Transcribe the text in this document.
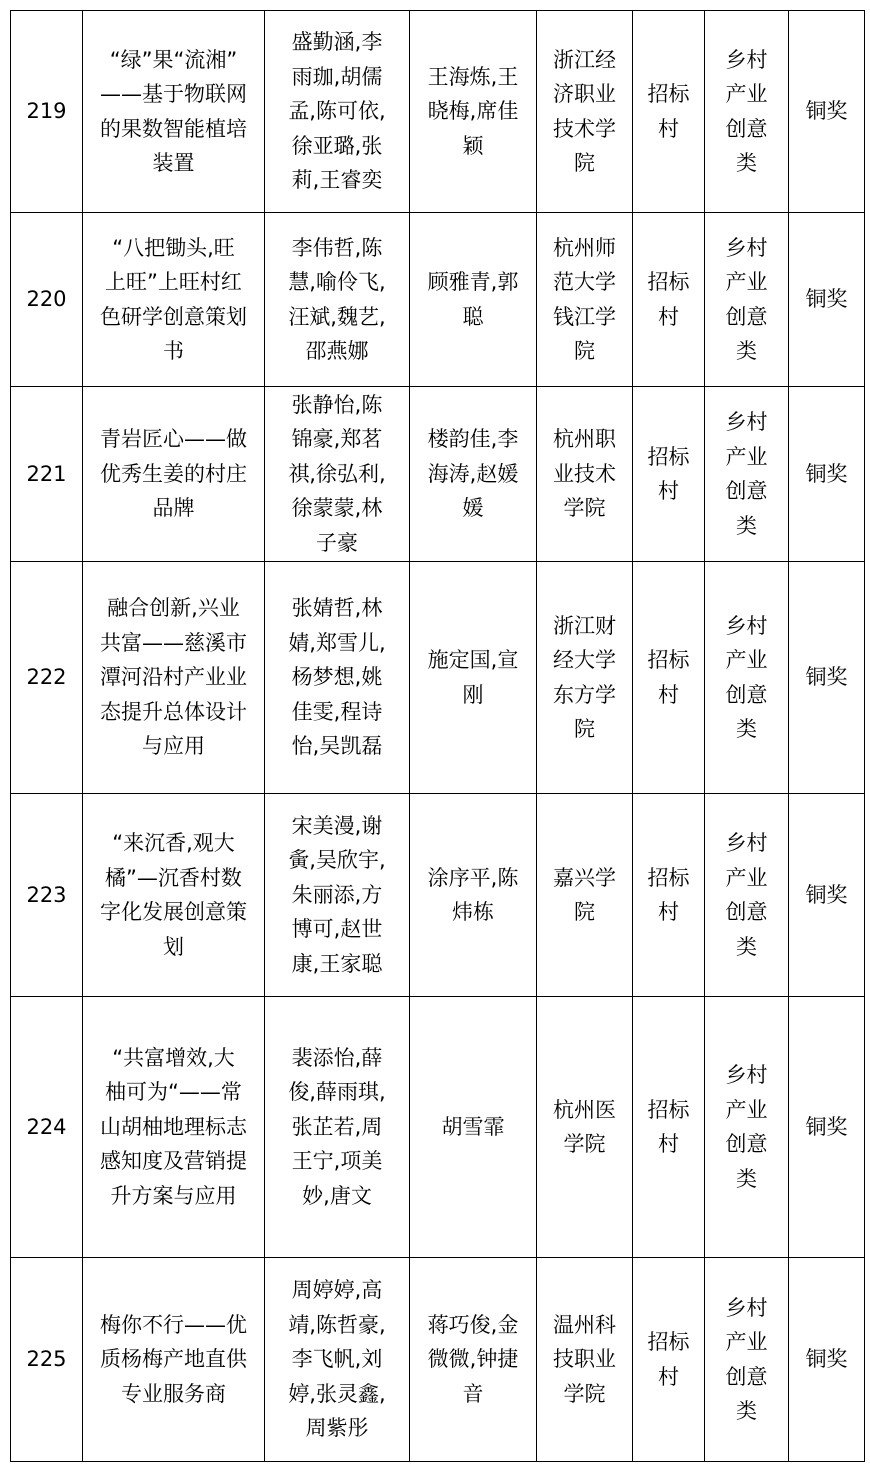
219	“绿”果“流湘”
——基于物联网
的果数智能植培
装置	盛勤涵,李
雨珈,胡儒
孟,陈可依,
徐亚璐,张
莉,王睿奕	王海炼,王
晓梅,席佳
颖	浙江经
济职业
技术学
院	招标
村	乡村
产业
创意
类	铜奖
220	“八把锄头,旺
上旺”上旺村红
色研学创意策划
书	李伟哲,陈
慧,喻伶飞,
汪斌,魏艺,
邵燕娜	顾雅青,郭
聪	杭州师
范大学
钱江学
院	招标
村	乡村
产业
创意
类	铜奖
221	青岩匠心——做
优秀生姜的村庄
品牌	张静怡,陈
锦豪,郑茗
祺,徐弘利,
徐蒙蒙,林
子豪	楼韵佳,李
海涛,赵媛
媛	杭州职
业技术
学院	招标
村	乡村
产业
创意
类	铜奖
222	融合创新,兴业
共富——慈溪市
潭河沿村产业业
态提升总体设计
与应用	张婧哲,林
婧,郑雪儿,
杨梦想,姚
佳雯,程诗
怡,吴凯磊	施定国,宣
刚	浙江财
经大学
东方学
院	招标
村	乡村
产业
创意
类	铜奖
223	“来沉香,观大
橘”—沉香村数
字化发展创意策
划	宋美漫,谢
夤,吴欣宇,
朱丽添,方
博可,赵世
康,王家聪	涂序平,陈
炜栋	嘉兴学
院	招标
村	乡村
产业
创意
类	铜奖
224	“共富增效,大
柚可为“——常
山胡柚地理标志
感知度及营销提
升方案与应用	裴添怡,薛
俊,薛雨琪,
张芷若,周
王宁,项美
妙,唐文	胡雪霏	杭州医
学院	招标
村	乡村
产业
创意
类	铜奖
225	梅你不行——优
质杨梅产地直供
专业服务商	周婷婷,高
靖,陈哲豪,
李飞帆,刘
婷,张灵鑫,
周紫彤	蒋巧俊,金
微微,钟捷
音	温州科
技职业
学院	招标
村	乡村
产业
创意
类	铜奖
